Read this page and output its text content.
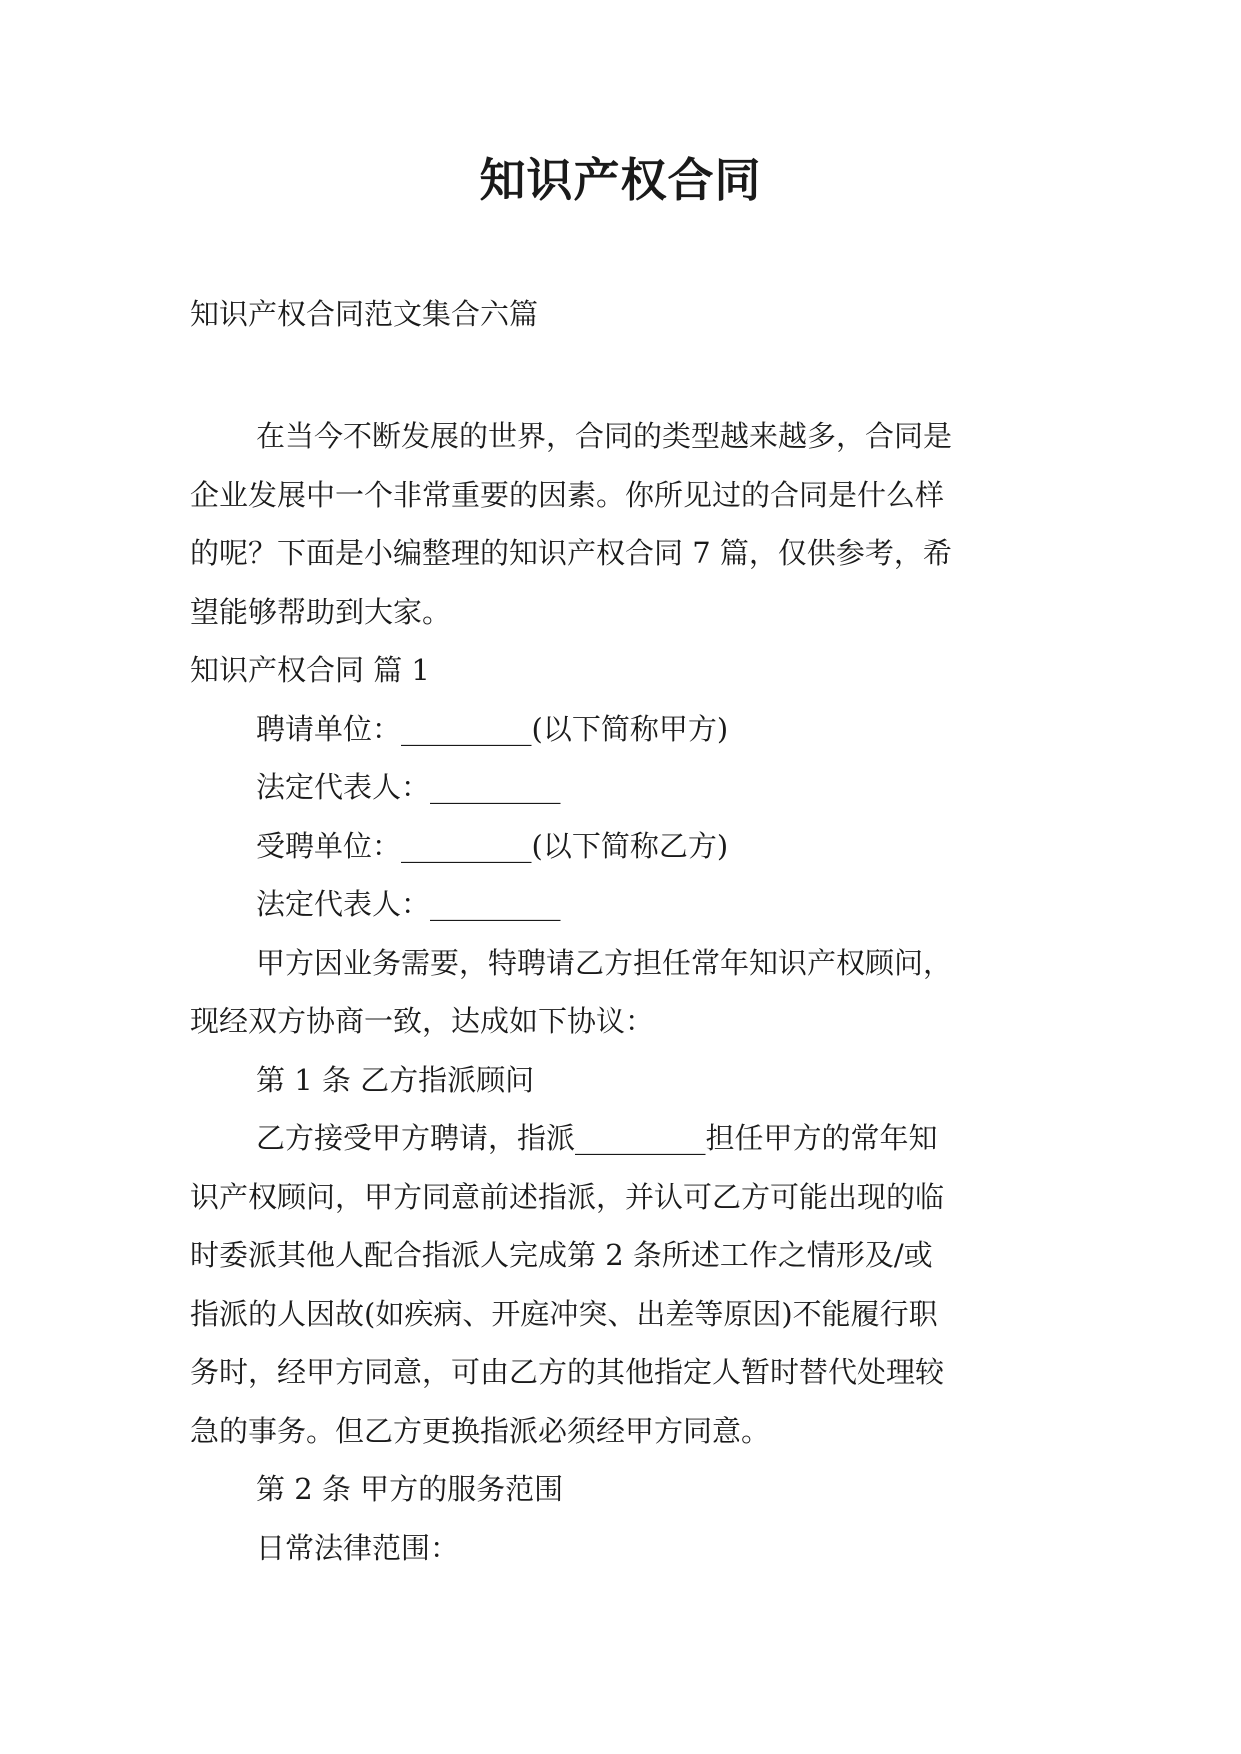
知识产权合同

知识产权合同范文集合六篇

在当今不断发展的世界，合同的类型越来越多，合同是

企业发展中一个非常重要的因素。你所见过的合同是什么样

的呢？下面是小编整理的知识产权合同 7 篇，仅供参考，希

望能够帮助到大家。

知识产权合同 篇 1

聘请单位：_________(以下简称甲方)

法定代表人：_________

受聘单位：_________(以下简称乙方)

法定代表人：_________

甲方因业务需要，特聘请乙方担任常年知识产权顾问，

现经双方协商一致，达成如下协议：

第 1 条 乙方指派顾问

乙方接受甲方聘请，指派_________担任甲方的常年知

识产权顾问，甲方同意前述指派，并认可乙方可能出现的临

时委派其他人配合指派人完成第 2 条所述工作之情形及/或

指派的人因故(如疾病、开庭冲突、出差等原因)不能履行职

务时，经甲方同意，可由乙方的其他指定人暂时替代处理较

急的事务。但乙方更换指派必须经甲方同意。

第 2 条 甲方的服务范围

日常法律范围：
